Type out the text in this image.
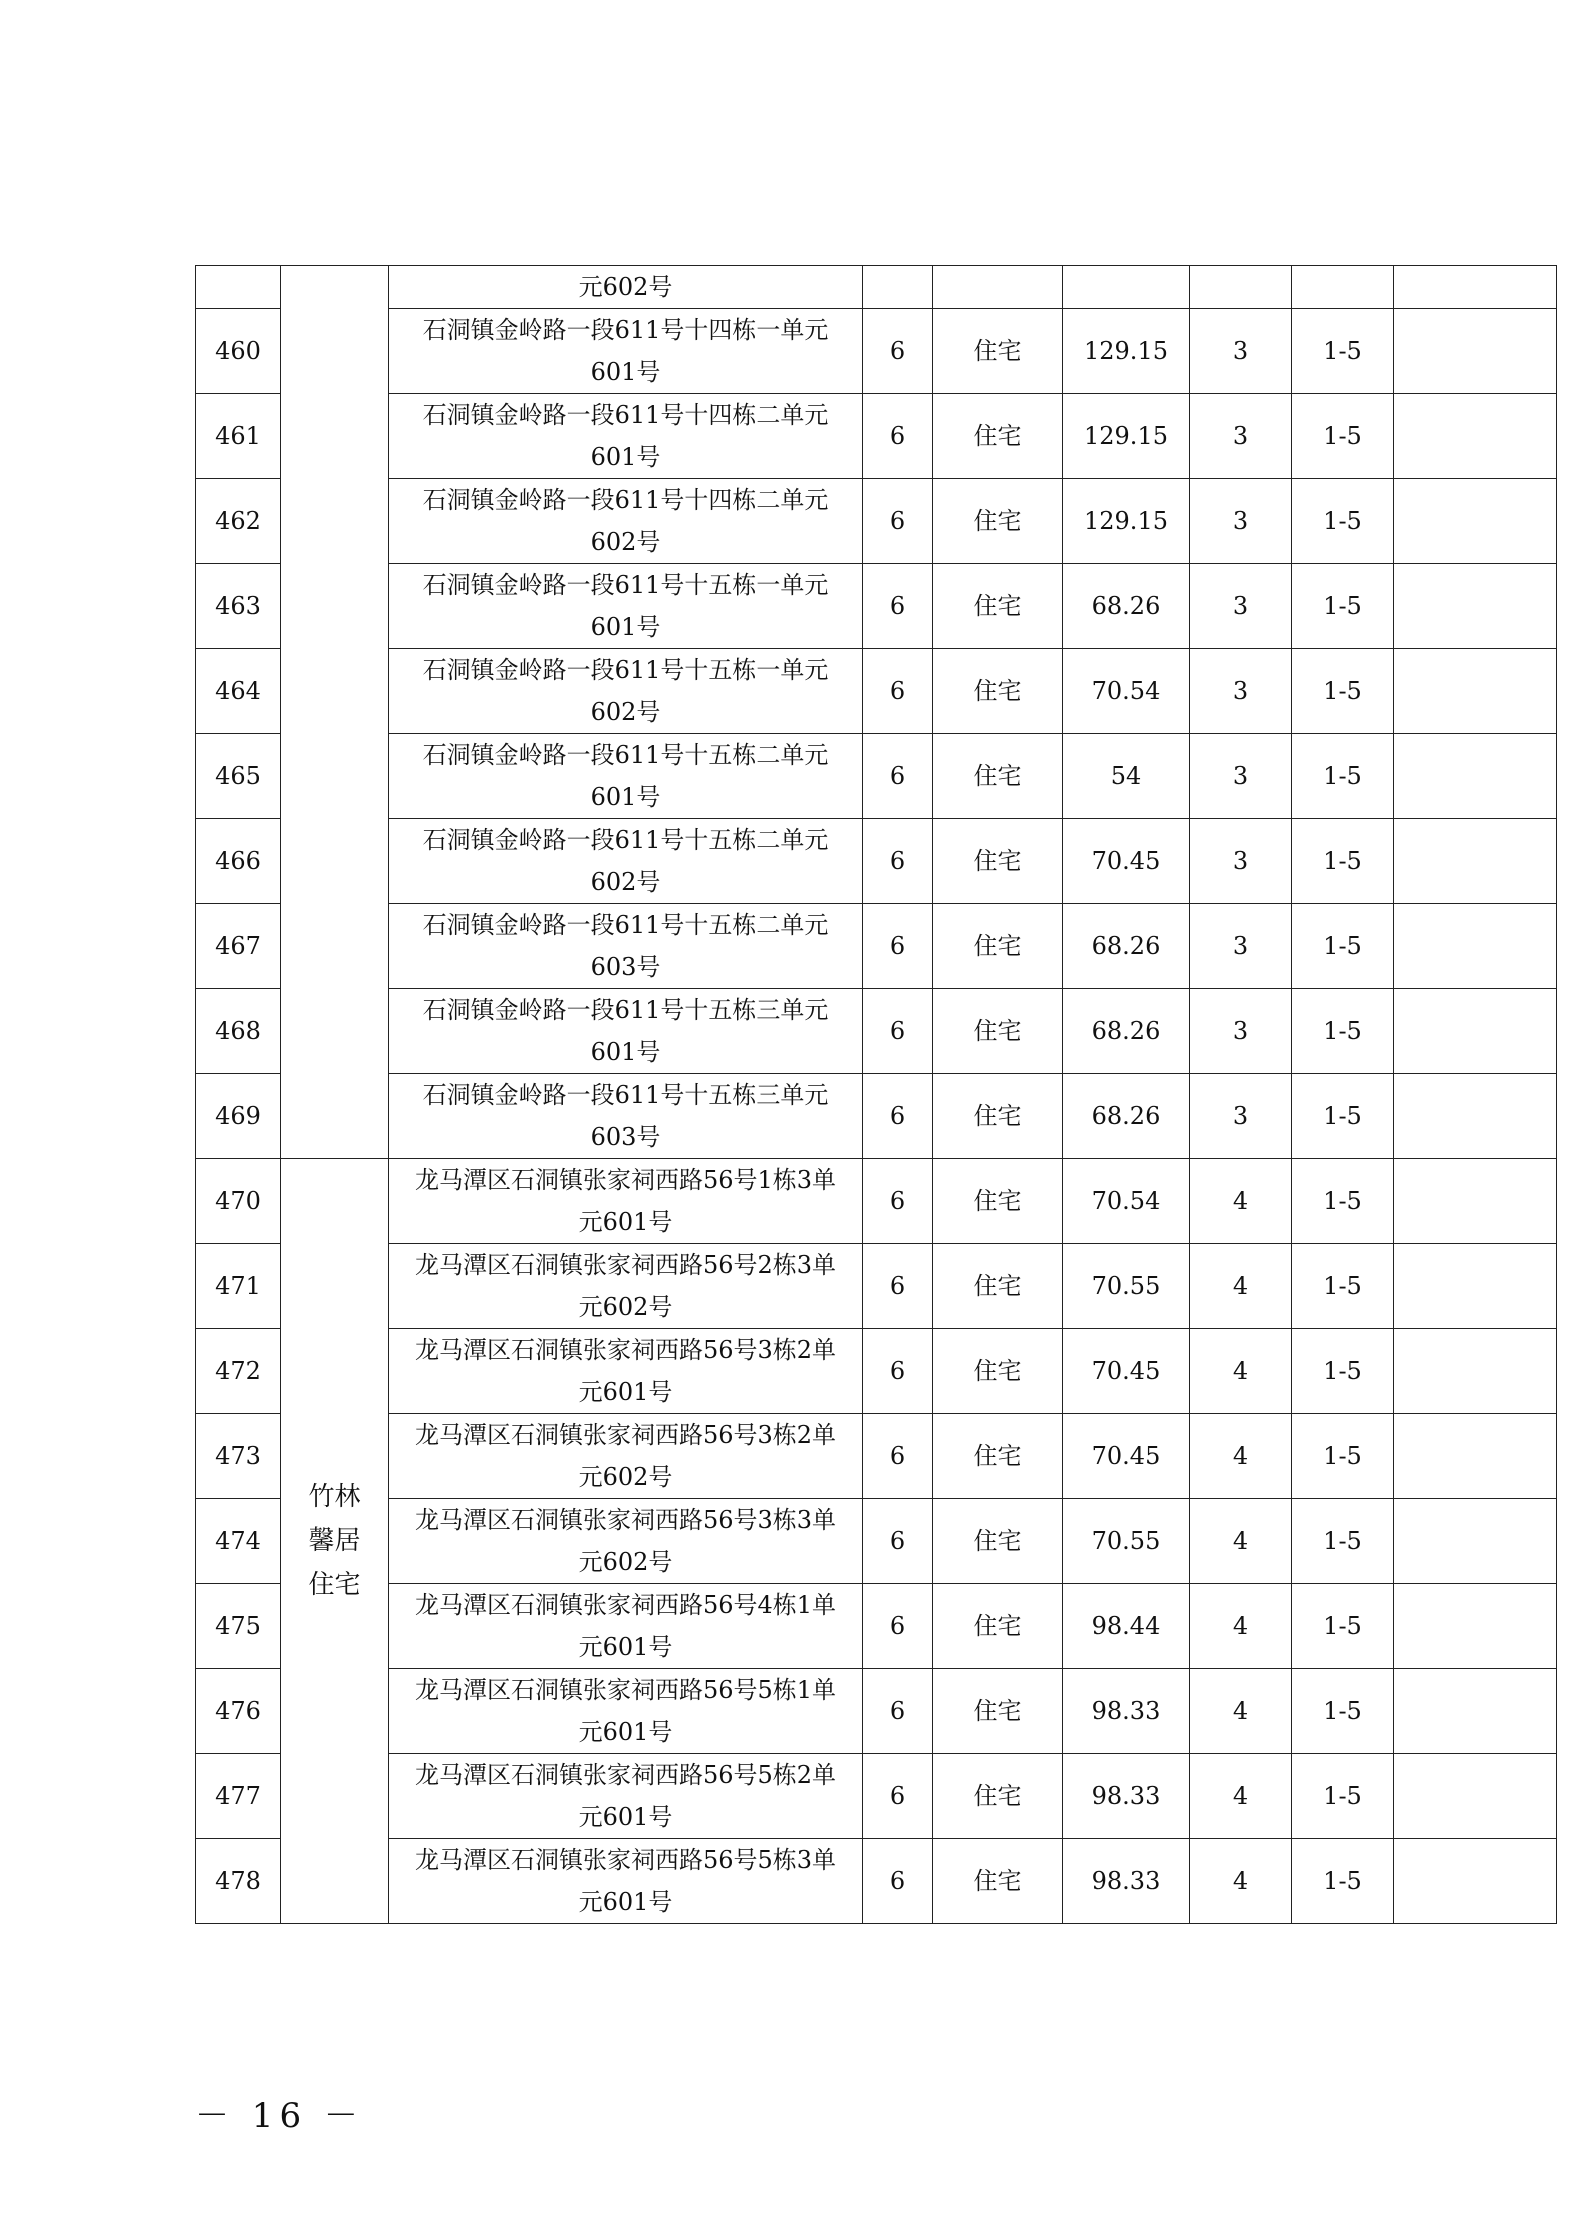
		元602号						
460		石洞镇金岭路一段611号十四栋一单元601号	6	住宅	129.15	3	1-5	
461		石洞镇金岭路一段611号十四栋二单元601号	6	住宅	129.15	3	1-5	
462		石洞镇金岭路一段611号十四栋二单元602号	6	住宅	129.15	3	1-5	
463		石洞镇金岭路一段611号十五栋一单元601号	6	住宅	68.26	3	1-5	
464		石洞镇金岭路一段611号十五栋一单元602号	6	住宅	70.54	3	1-5	
465		石洞镇金岭路一段611号十五栋二单元601号	6	住宅	54	3	1-5	
466		石洞镇金岭路一段611号十五栋二单元602号	6	住宅	70.45	3	1-5	
467		石洞镇金岭路一段611号十五栋二单元603号	6	住宅	68.26	3	1-5	
468		石洞镇金岭路一段611号十五栋三单元601号	6	住宅	68.26	3	1-5	
469		石洞镇金岭路一段611号十五栋三单元603号	6	住宅	68.26	3	1-5	
470	竹林馨居住宅	龙马潭区石洞镇张家祠西路56号1栋3单元601号	6	住宅	70.54	4	1-5	
471		龙马潭区石洞镇张家祠西路56号2栋3单元602号	6	住宅	70.55	4	1-5	
472		龙马潭区石洞镇张家祠西路56号3栋2单元601号	6	住宅	70.45	4	1-5	
473		龙马潭区石洞镇张家祠西路56号3栋2单元602号	6	住宅	70.45	4	1-5	
474		龙马潭区石洞镇张家祠西路56号3栋3单元602号	6	住宅	70.55	4	1-5	
475		龙马潭区石洞镇张家祠西路56号4栋1单元601号	6	住宅	98.44	4	1-5	
476		龙马潭区石洞镇张家祠西路56号5栋1单元601号	6	住宅	98.33	4	1-5	
477		龙马潭区石洞镇张家祠西路56号5栋2单元601号	6	住宅	98.33	4	1-5	
478		龙马潭区石洞镇张家祠西路56号5栋3单元601号	6	住宅	98.33	4	1-5	
－ 16 －
